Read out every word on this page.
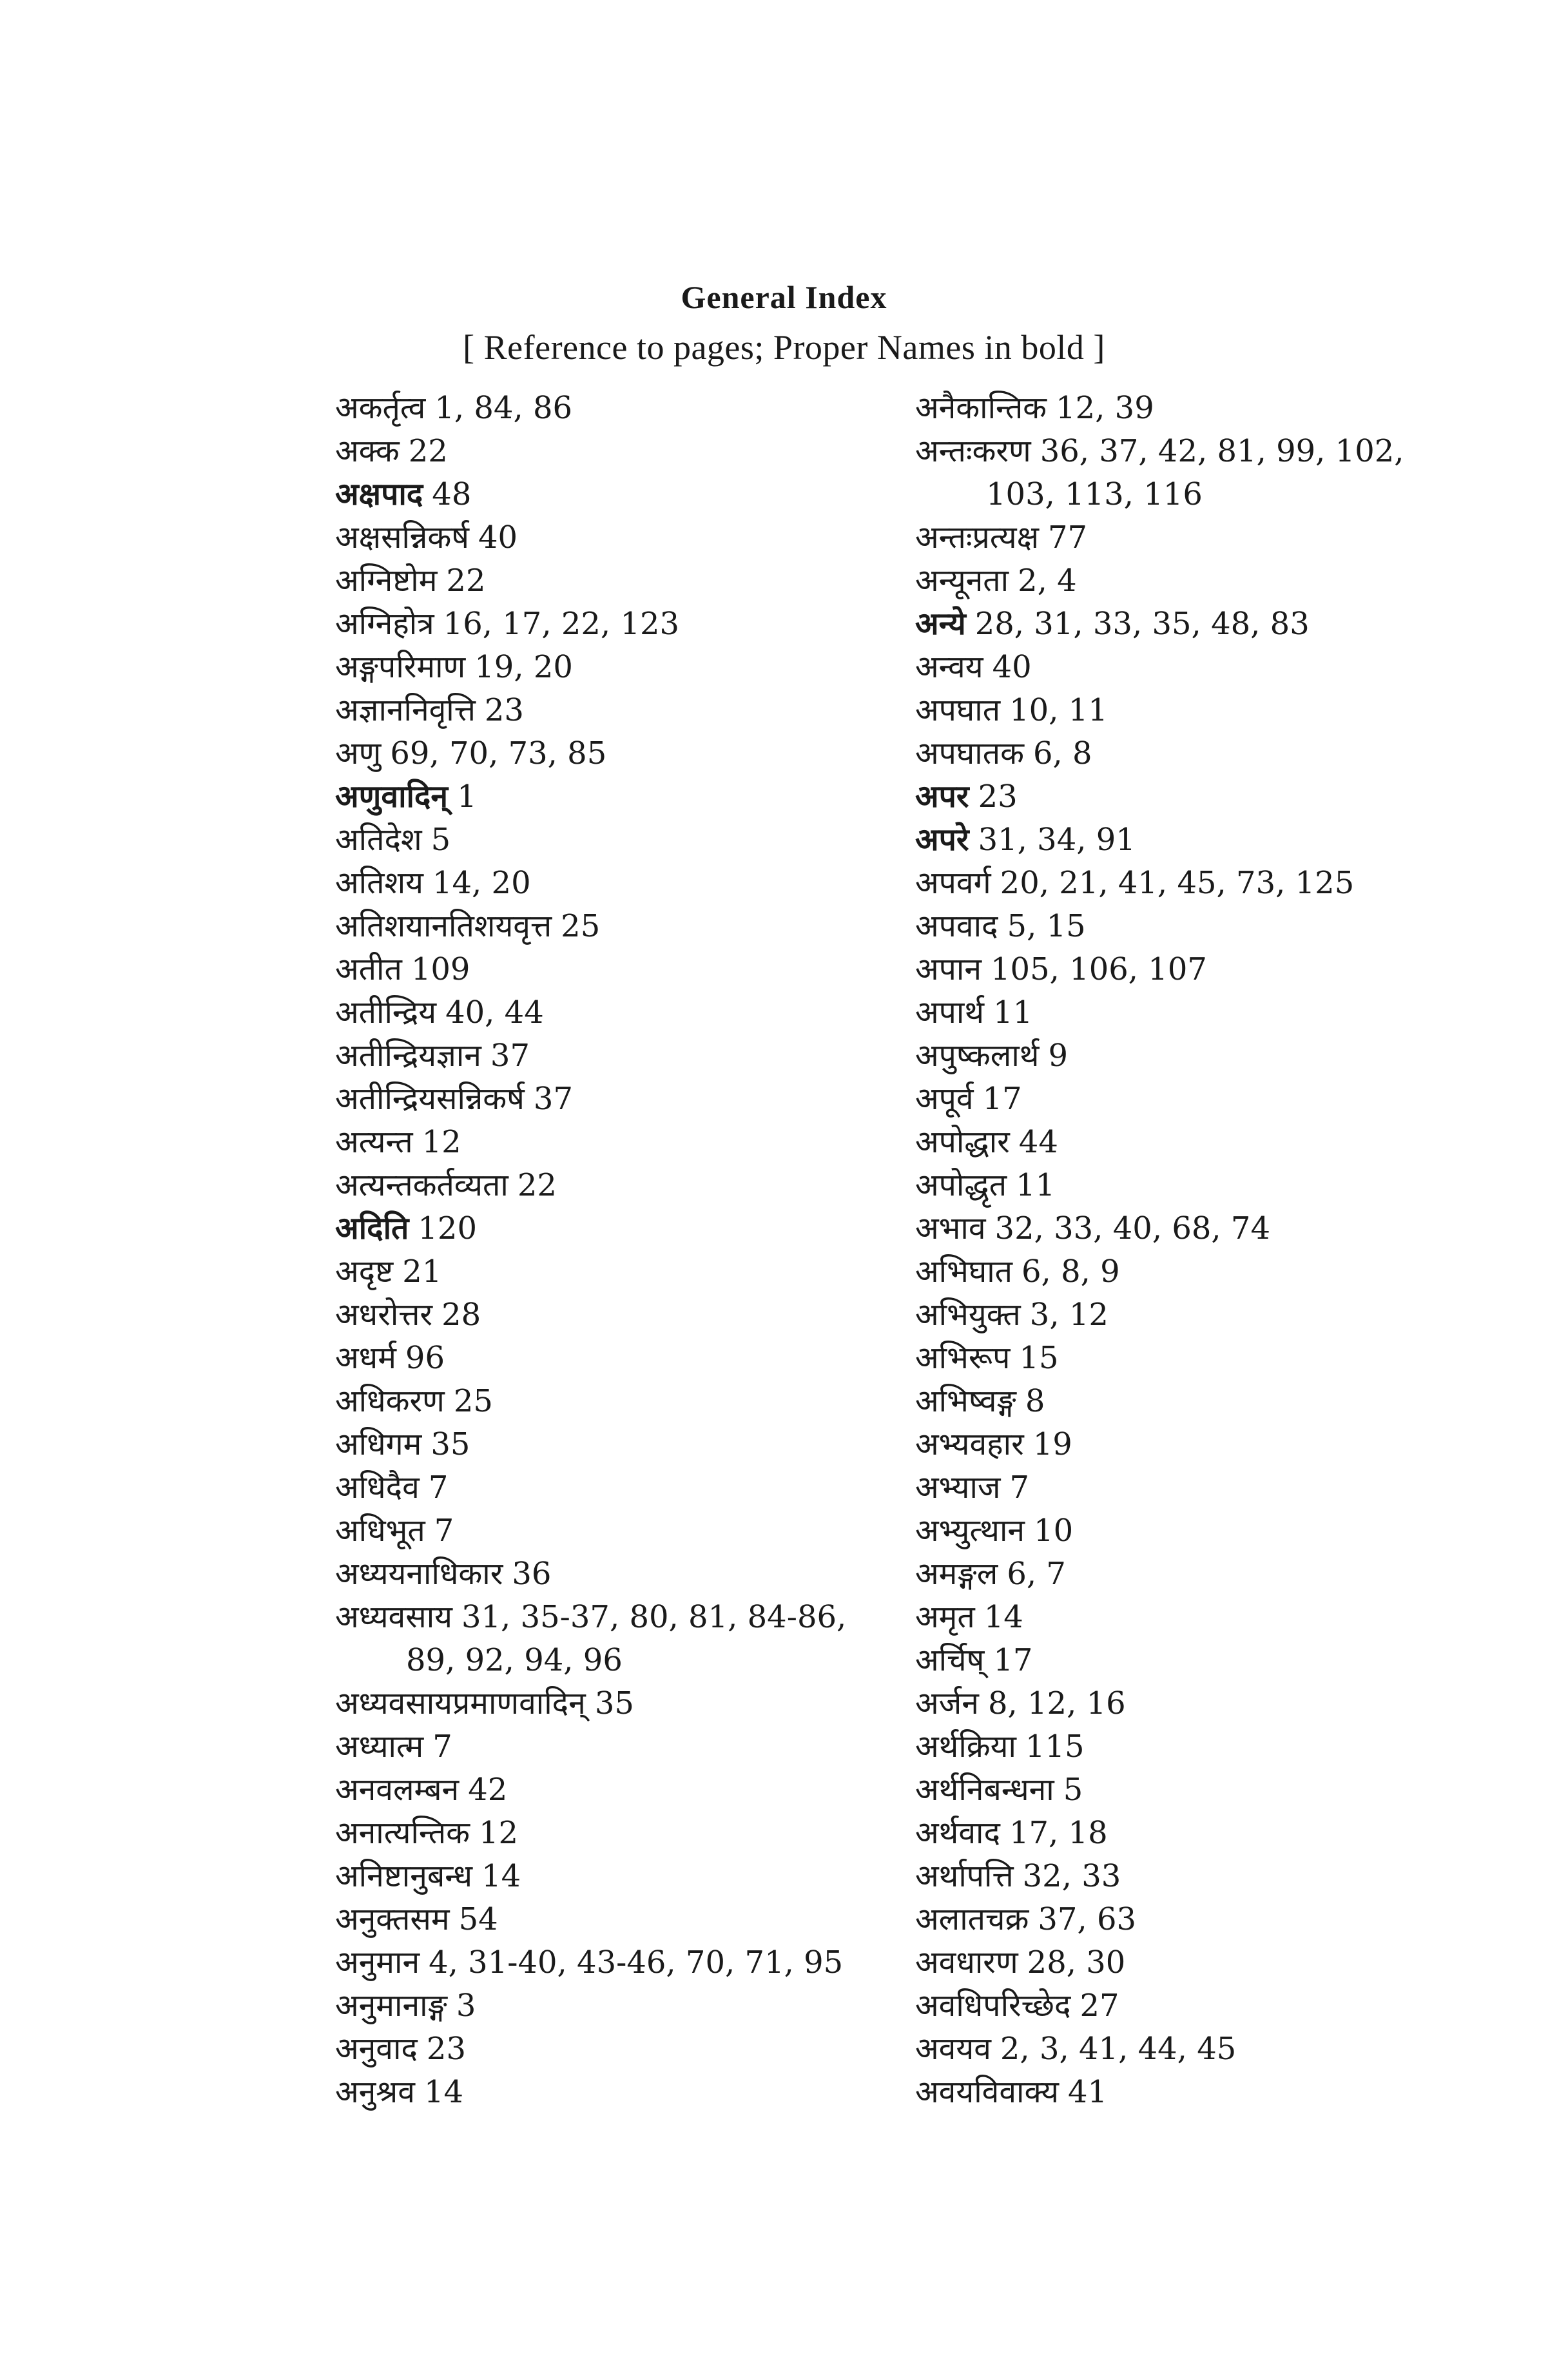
General Index
[ Reference to pages; Proper Names in bold ]
अकर्तृत्व 1, 84, 86
अक्क 22
अक्षपाद 48
अक्षसन्निकर्ष 40
अग्निष्टोम 22
अग्निहोत्र 16, 17, 22, 123
अङ्गपरिमाण 19, 20
अज्ञाननिवृत्ति 23
अणु 69, 70, 73, 85
अणुवादिन् 1
अतिदेश 5
अतिशय 14, 20
अतिशयानतिशयवृत्त 25
अतीत 109
अतीन्द्रिय 40, 44
अतीन्द्रियज्ञान 37
अतीन्द्रियसन्निकर्ष 37
अत्यन्त 12
अत्यन्तकर्तव्यता 22
अदिति 120
अदृष्ट 21
अधरोत्तर 28
अधर्म 96
अधिकरण 25
अधिगम 35
अधिदैव 7
अधिभूत 7
अध्ययनाधिकार 36
अध्यवसाय 31, 35-37, 80, 81, 84-86,
89, 92, 94, 96
अध्यवसायप्रमाणवादिन् 35
अध्यात्म 7
अनवलम्बन 42
अनात्यन्तिक 12
अनिष्टानुबन्ध 14
अनुक्तसम 54
अनुमान 4, 31-40, 43-46, 70, 71, 95
अनुमानाङ्ग 3
अनुवाद 23
अनुश्रव 14
अनैकान्तिक 12, 39
अन्तःकरण 36, 37, 42, 81, 99, 102,
103, 113, 116
अन्तःप्रत्यक्ष 77
अन्यूनता 2, 4
अन्ये 28, 31, 33, 35, 48, 83
अन्वय 40
अपघात 10, 11
अपघातक 6, 8
अपर 23
अपरे 31, 34, 91
अपवर्ग 20, 21, 41, 45, 73, 125
अपवाद 5, 15
अपान 105, 106, 107
अपार्थ 11
अपुष्कलार्थ 9
अपूर्व 17
अपोद्धार 44
अपोद्धृत 11
अभाव 32, 33, 40, 68, 74
अभिघात 6, 8, 9
अभियुक्त 3, 12
अभिरूप 15
अभिष्वङ्ग 8
अभ्यवहार 19
अभ्याज 7
अभ्युत्थान 10
अमङ्गल 6, 7
अमृत 14
अर्चिष् 17
अर्जन 8, 12, 16
अर्थक्रिया 115
अर्थनिबन्धना 5
अर्थवाद 17, 18
अर्थापत्ति 32, 33
अलातचक्र 37, 63
अवधारण 28, 30
अवधिपरिच्छेद 27
अवयव 2, 3, 41, 44, 45
अवयविवाक्य 41
